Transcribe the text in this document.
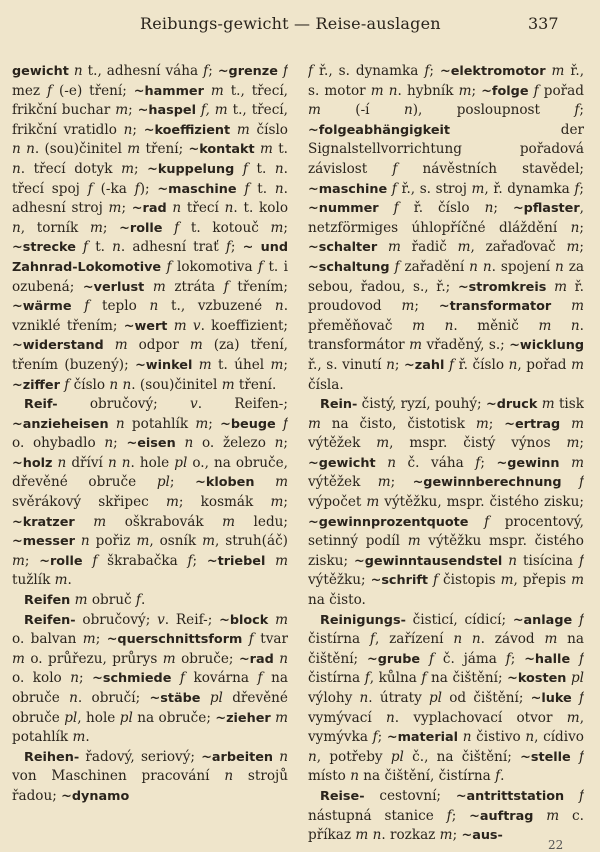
Reibungs-gewicht — Reise-auslagen	337

gewicht n t., adhesní váha f; ~grenze f mez f (-e) tření; ~hammer m t., třecí, frikční buchar m; ~haspel f, m t., třecí, frikční vratidlo n; ~koeffizient m číslo n n. (sou)činitel m tření; ~kontakt m t. n. třecí dotyk m; ~kuppelung f t. n. třecí spoj f (-ka f); ~maschine f t. n. adhesní stroj m; ~rad n třecí n. t. kolo n, torník m; ~rolle f t. kotouč m; ~strecke f t. n. adhesní trať f; ~ und Zahnrad-Lokomotive f lokomotiva f t. i ozubená; ~verlust m ztráta f třením; ~wärme f teplo n t., vzbuzené n. vzniklé třením; ~wert m v. koeffizient; ~widerstand m odpor m (za) tření, třením (buzený); ~winkel m t. úhel m; ~ziffer f číslo n n. (sou)činitel m tření.

Reif- obručový; v. Reifen-; ~anzieheisen n potahlík m; ~beuge f o. ohybadlo n; ~eisen n o. železo n; ~holz n dříví n n. hole pl o., na obruče, dřevěné obruče pl; ~kloben m svěrákový skřipec m; kosmák m; ~kratzer m oškrabovák m ledu; ~messer n pořiz m, osník m, struh(áč) m; ~rolle f škrabačka f; ~triebel m tužlík m.

Reifen m obruč f.

Reifen- obručový; v. Reif-; ~block m o. balvan m; ~querschnittsform f tvar m o. průřezu, průrys m obruče; ~rad n o. kolo n; ~schmiede f kovárna f na obruče n. obručí; ~stäbe pl dřevěné obruče pl, hole pl na obruče; ~zieher m potahlík m.

Reihen- řadový, seriový; ~arbeiten n von Maschinen pracování n strojů řadou; ~dynamo

f ř., s. dynamka f; ~elektromotor m ř., s. motor m n. hybník m; ~folge f pořad m (-í n), posloupnost f; ~folgeabhängigkeit der Signalstellvorrichtung pořadová závislost f návěstních stavědel; ~maschine f ř., s. stroj m, ř. dynamka f; ~nummer f ř. číslo n; ~pflaster, netzförmiges úhlopříčné dláždění n; ~schalter m řadič m, zařaďovač m; ~schaltung f zařadění n n. spojení n za sebou, řadou, s., ř.; ~stromkreis m ř. proudovod m; ~transformator m přeměňovač m n. měnič m n. transformátor m vřaděný, s.; ~wicklung ř., s. vinutí n; ~zahl f ř. číslo n, pořad m čísla.

Rein- čistý, ryzí, pouhý; ~druck m tisk m na čisto, čistotisk m; ~ertrag m výtěžek m, mspr. čistý výnos m; ~gewicht n č. váha f; ~gewinn m výtěžek m; ~gewinnberechnung f výpočet m výtěžku, mspr. čistého zisku; ~gewinnprozentquote f procentový, setinný podíl m výtěžku mspr. čistého zisku; ~gewinntausendstel n tisícina f výtěžku; ~schrift f čistopis m, přepis m na čisto.

Reinigungs- čisticí, cídicí; ~anlage f čistírna f, zařízení n n. závod m na čištění; ~grube f č. jáma f; ~halle f čistírna f, kůlna f na čištění; ~kosten pl výlohy n. útraty pl od čištění; ~luke f vymývací n. vyplachovací otvor m, vymývka f; ~material n čistivo n, cídivo n, potřeby pl č., na čištění; ~stelle f místo n na čištění, čistírna f.

Reise- cestovní; ~antrittstation f nástupná stanice f; ~auftrag m c. příkaz m n. rozkaz m; ~aus-

22
